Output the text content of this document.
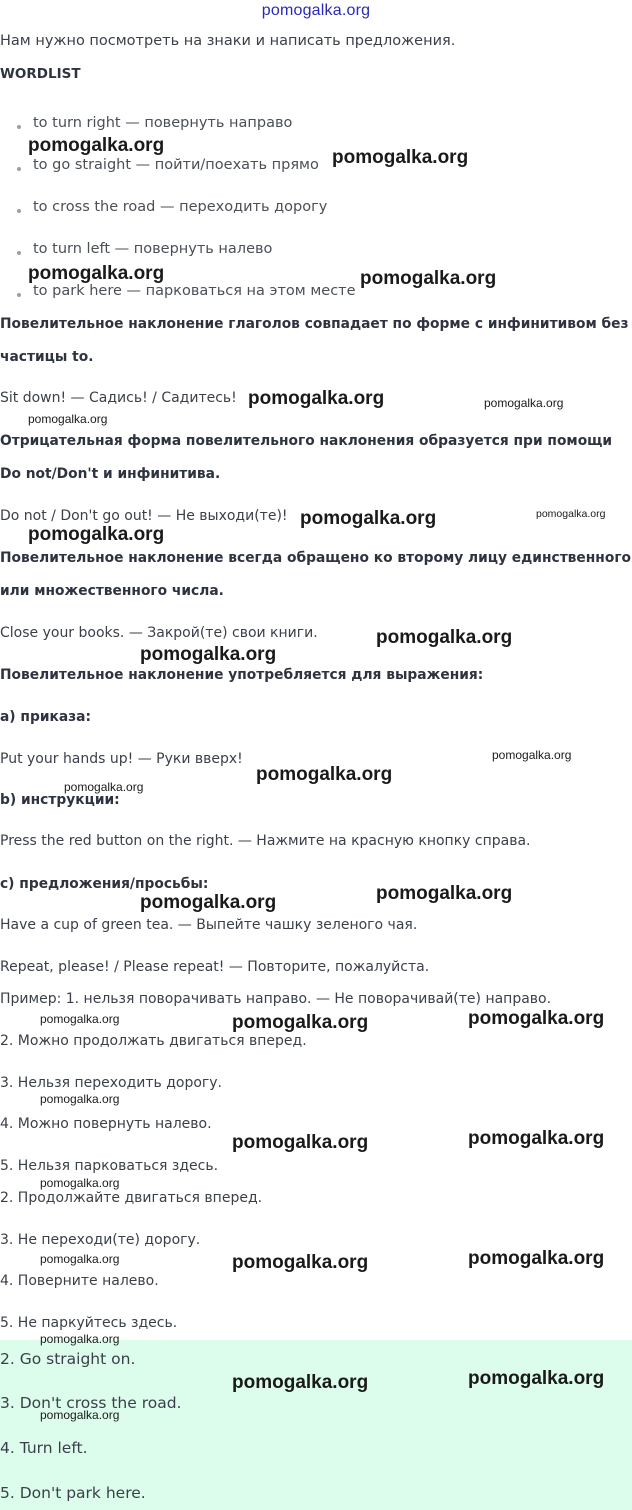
pomogalka.org
Нам нужно посмотреть на знаки и написать предложения.
WORDLIST
to turn right — повернуть направо
to go straight — пойти/поехать прямо
to cross the road — переходить дорогу
to turn left — повернуть налево
to park here — парковаться на этом месте
Повелительное наклонение глаголов совпадает по форме с инфинитивом без
частицы to.
Sit down! — Садись! / Садитесь!
Отрицательная форма повелительного наклонения образуется при помощи
Do not/Don't и инфинитива.
Do not / Don't go out! — Не выходи(те)!
Повелительное наклонение всегда обращено ко второму лицу единственного
или множественного числа.
Close your books. — Закрой(те) свои книги.
Повелительное наклонение употребляется для выражения:
a) приказа:
Put your hands up! — Руки вверх!
b) инструкции:
Press the red button on the right. — Нажмите на красную кнопку справа.
c) предложения/просьбы:
Have a cup of green tea. — Выпейте чашку зеленого чая.
Repeat, please! / Please repeat! — Повторите, пожалуйста.
Пример: 1. нельзя поворачивать направо. — Не поворачивай(те) направо.
2. Можно продолжать двигаться вперед.
3. Нельзя переходить дорогу.
4. Можно повернуть налево.
5. Нельзя парковаться здесь.
2. Продолжайте двигаться вперед.
3. Не переходи(те) дорогу.
4. Поверните налево.
5. Не паркуйтесь здесь.
2. Go straight on.
3. Don't cross the road.
4. Turn left.
5. Don't park here.
pomogalka.org
pomogalka.org
pomogalka.org	pomogalka.org
pomogalka.org	pomogalka.org
pomogalka.org
pomogalka.org	pomogalka.org
pomogalka.org
pomogalka.org
pomogalka.org
pomogalka.org
pomogalka.org
pomogalka.org
pomogalka.org
pomogalka.org
pomogalka.org	pomogalka.org
pomogalka.org
pomogalka.org
pomogalka.org
pomogalka.org
pomogalka.org
pomogalka.org	pomogalka.org
pomogalka.org
pomogalka.org
pomogalka.org
pomogalka.org
pomogalka.org
